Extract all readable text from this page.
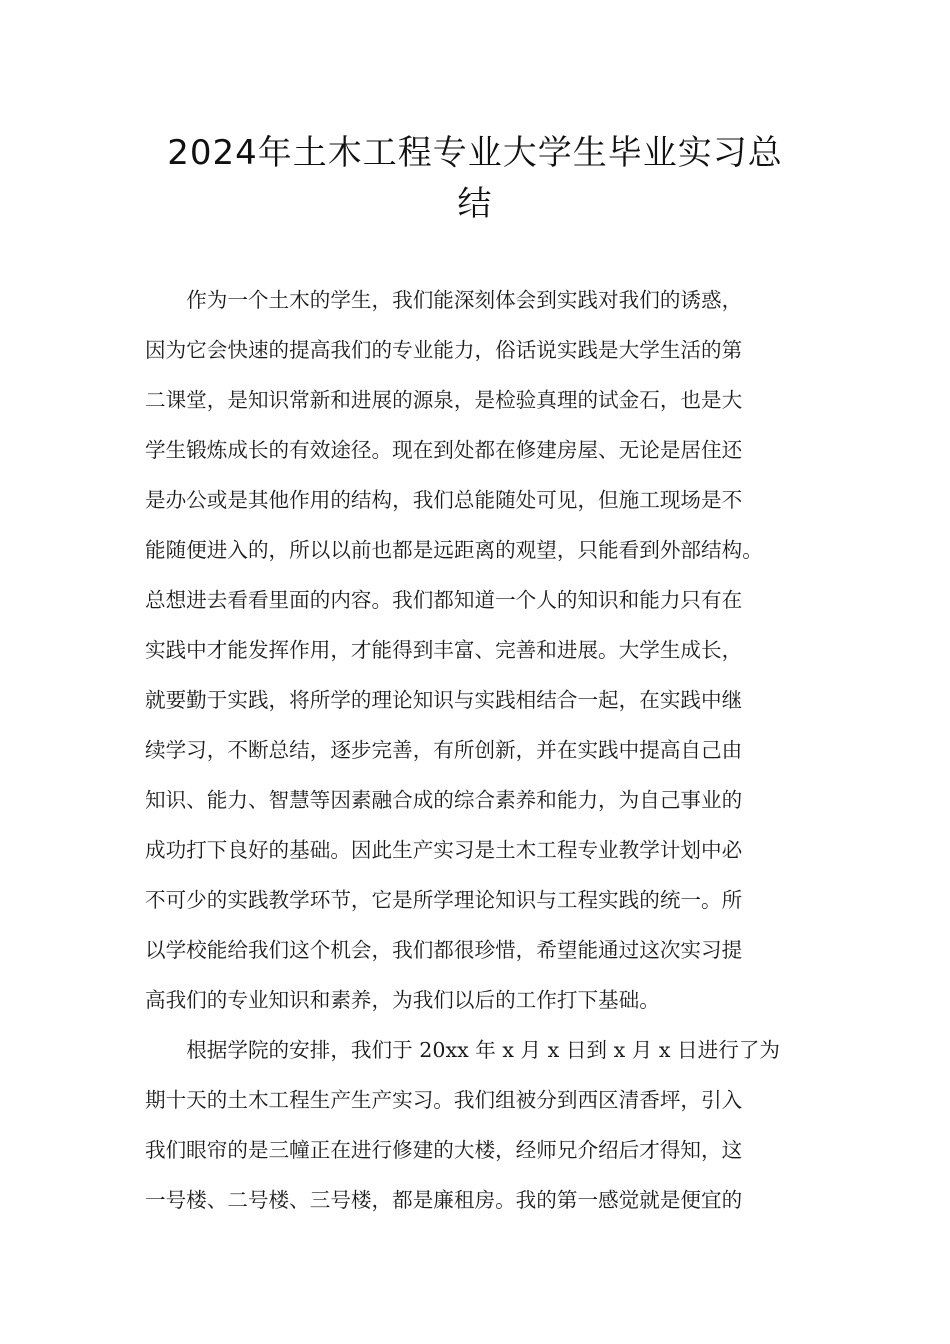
2024年土木工程专业大学生毕业实习总
结
作为一个土木的学生，我们能深刻体会到实践对我们的诱惑，
因为它会快速的提高我们的专业能力，俗话说实践是大学生活的第
二课堂，是知识常新和进展的源泉，是检验真理的试金石，也是大
学生锻炼成长的有效途径。现在到处都在修建房屋、无论是居住还
是办公或是其他作用的结构，我们总能随处可见，但施工现场是不
能随便进入的，所以以前也都是远距离的观望，只能看到外部结构。
总想进去看看里面的内容。我们都知道一个人的知识和能力只有在
实践中才能发挥作用，才能得到丰富、完善和进展。大学生成长，
就要勤于实践，将所学的理论知识与实践相结合一起，在实践中继
续学习，不断总结，逐步完善，有所创新，并在实践中提高自己由
知识、能力、智慧等因素融合成的综合素养和能力，为自己事业的
成功打下良好的基础。因此生产实习是土木工程专业教学计划中必
不可少的实践教学环节，它是所学理论知识与工程实践的统一。所
以学校能给我们这个机会，我们都很珍惜，希望能通过这次实习提
高我们的专业知识和素养，为我们以后的工作打下基础。
根据学院的安排，我们于 20xx 年 x 月 x 日到 x 月 x 日进行了为
期十天的土木工程生产生产实习。我们组被分到西区清香坪，引入
我们眼帘的是三幢正在进行修建的大楼，经师兄介绍后才得知，这
一号楼、二号楼、三号楼，都是廉租房。我的第一感觉就是便宜的
